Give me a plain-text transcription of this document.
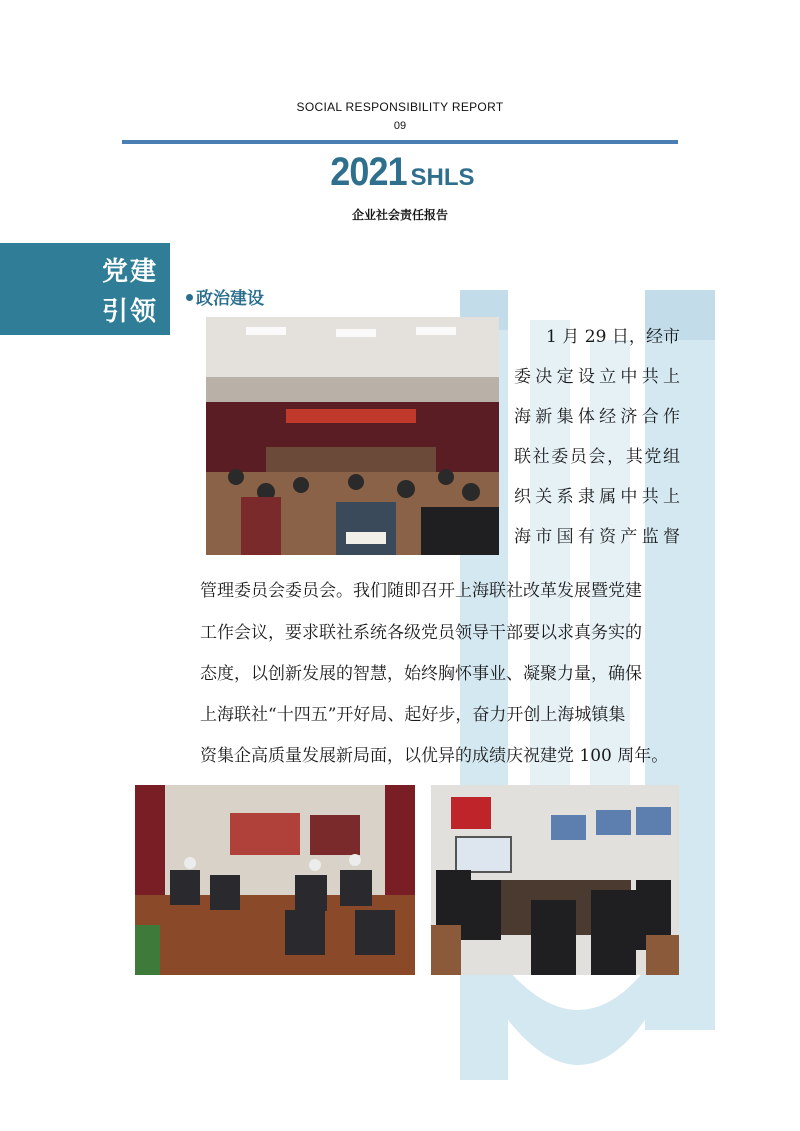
SOCIAL RESPONSIBILITY REPORT
09
2021 SHLS
企业社会责任报告
党建
引领	政治建设
1 月 29 日，经市
委决定设立中共上
海新集体经济合作
联社委员会，其党组
织关系隶属中共上
海市国有资产监督
管理委员会委员会。我们随即召开上海联社改革发展暨党建
工作会议，要求联社系统各级党员领导干部要以求真务实的
态度，以创新发展的智慧，始终胸怀事业、凝聚力量，确保
上海联社“十四五”开好局、起好步，奋力开创上海城镇集
资集企高质量发展新局面，以优异的成绩庆祝建党 100 周年。
